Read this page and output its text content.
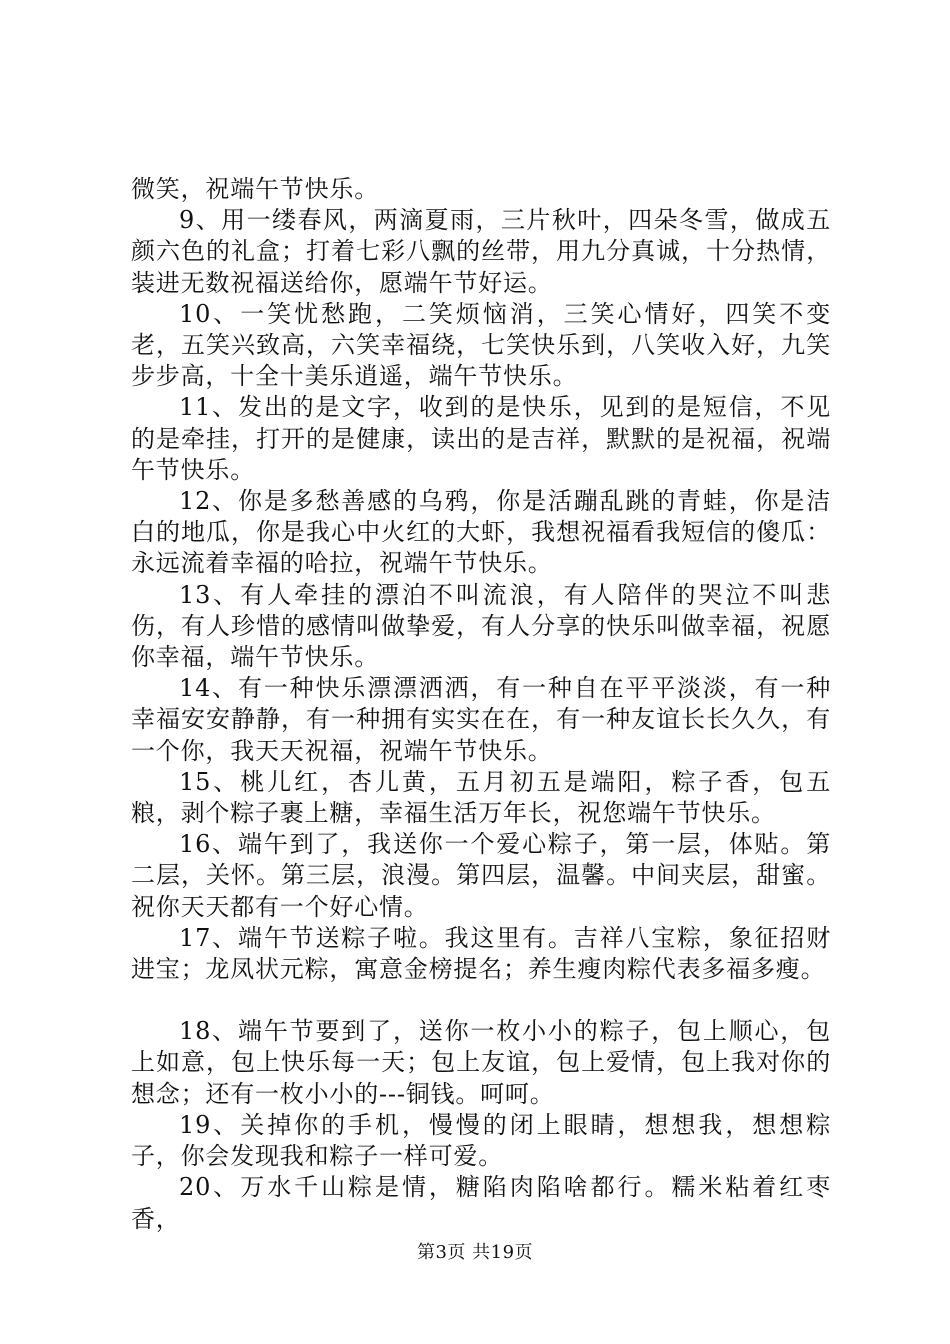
微笑，祝端午节快乐。

9、用一缕春风，两滴夏雨，三片秋叶，四朵冬雪，做成五颜六色的礼盒；打着七彩八飘的丝带，用九分真诚，十分热情，装进无数祝福送给你，愿端午节好运。

10、一笑忧愁跑，二笑烦恼消，三笑心情好，四笑不变老，五笑兴致高，六笑幸福绕，七笑快乐到，八笑收入好，九笑步步高，十全十美乐逍遥，端午节快乐。

11、发出的是文字，收到的是快乐，见到的是短信，不见的是牵挂，打开的是健康，读出的是吉祥，默默的是祝福，祝端午节快乐。

12、你是多愁善感的乌鸦，你是活蹦乱跳的青蛙，你是洁白的地瓜，你是我心中火红的大虾，我想祝福看我短信的傻瓜：永远流着幸福的哈拉，祝端午节快乐。

13、有人牵挂的漂泊不叫流浪，有人陪伴的哭泣不叫悲伤，有人珍惜的感情叫做挚爱，有人分享的快乐叫做幸福，祝愿你幸福，端午节快乐。

14、有一种快乐漂漂洒洒，有一种自在平平淡淡，有一种幸福安安静静，有一种拥有实实在在，有一种友谊长长久久，有一个你，我天天祝福，祝端午节快乐。

15、桃儿红，杏儿黄，五月初五是端阳，粽子香，包五粮，剥个粽子裹上糖，幸福生活万年长，祝您端午节快乐。

16、端午到了，我送你一个爱心粽子，第一层，体贴。第二层，关怀。第三层，浪漫。第四层，温馨。中间夹层，甜蜜。祝你天天都有一个好心情。

17、端午节送粽子啦。我这里有。吉祥八宝粽，象征招财进宝；龙凤状元粽，寓意金榜提名；养生瘦肉粽代表多福多瘦。

18、端午节要到了，送你一枚小小的粽子，包上顺心，包上如意，包上快乐每一天；包上友谊，包上爱情，包上我对你的想念；还有一枚小小的---铜钱。呵呵。

19、关掉你的手机，慢慢的闭上眼睛，想想我，想想粽子，你会发现我和粽子一样可爱。

20、万水千山粽是情，糖陷肉陷啥都行。糯米粘着红枣香，

第3页 共19页
